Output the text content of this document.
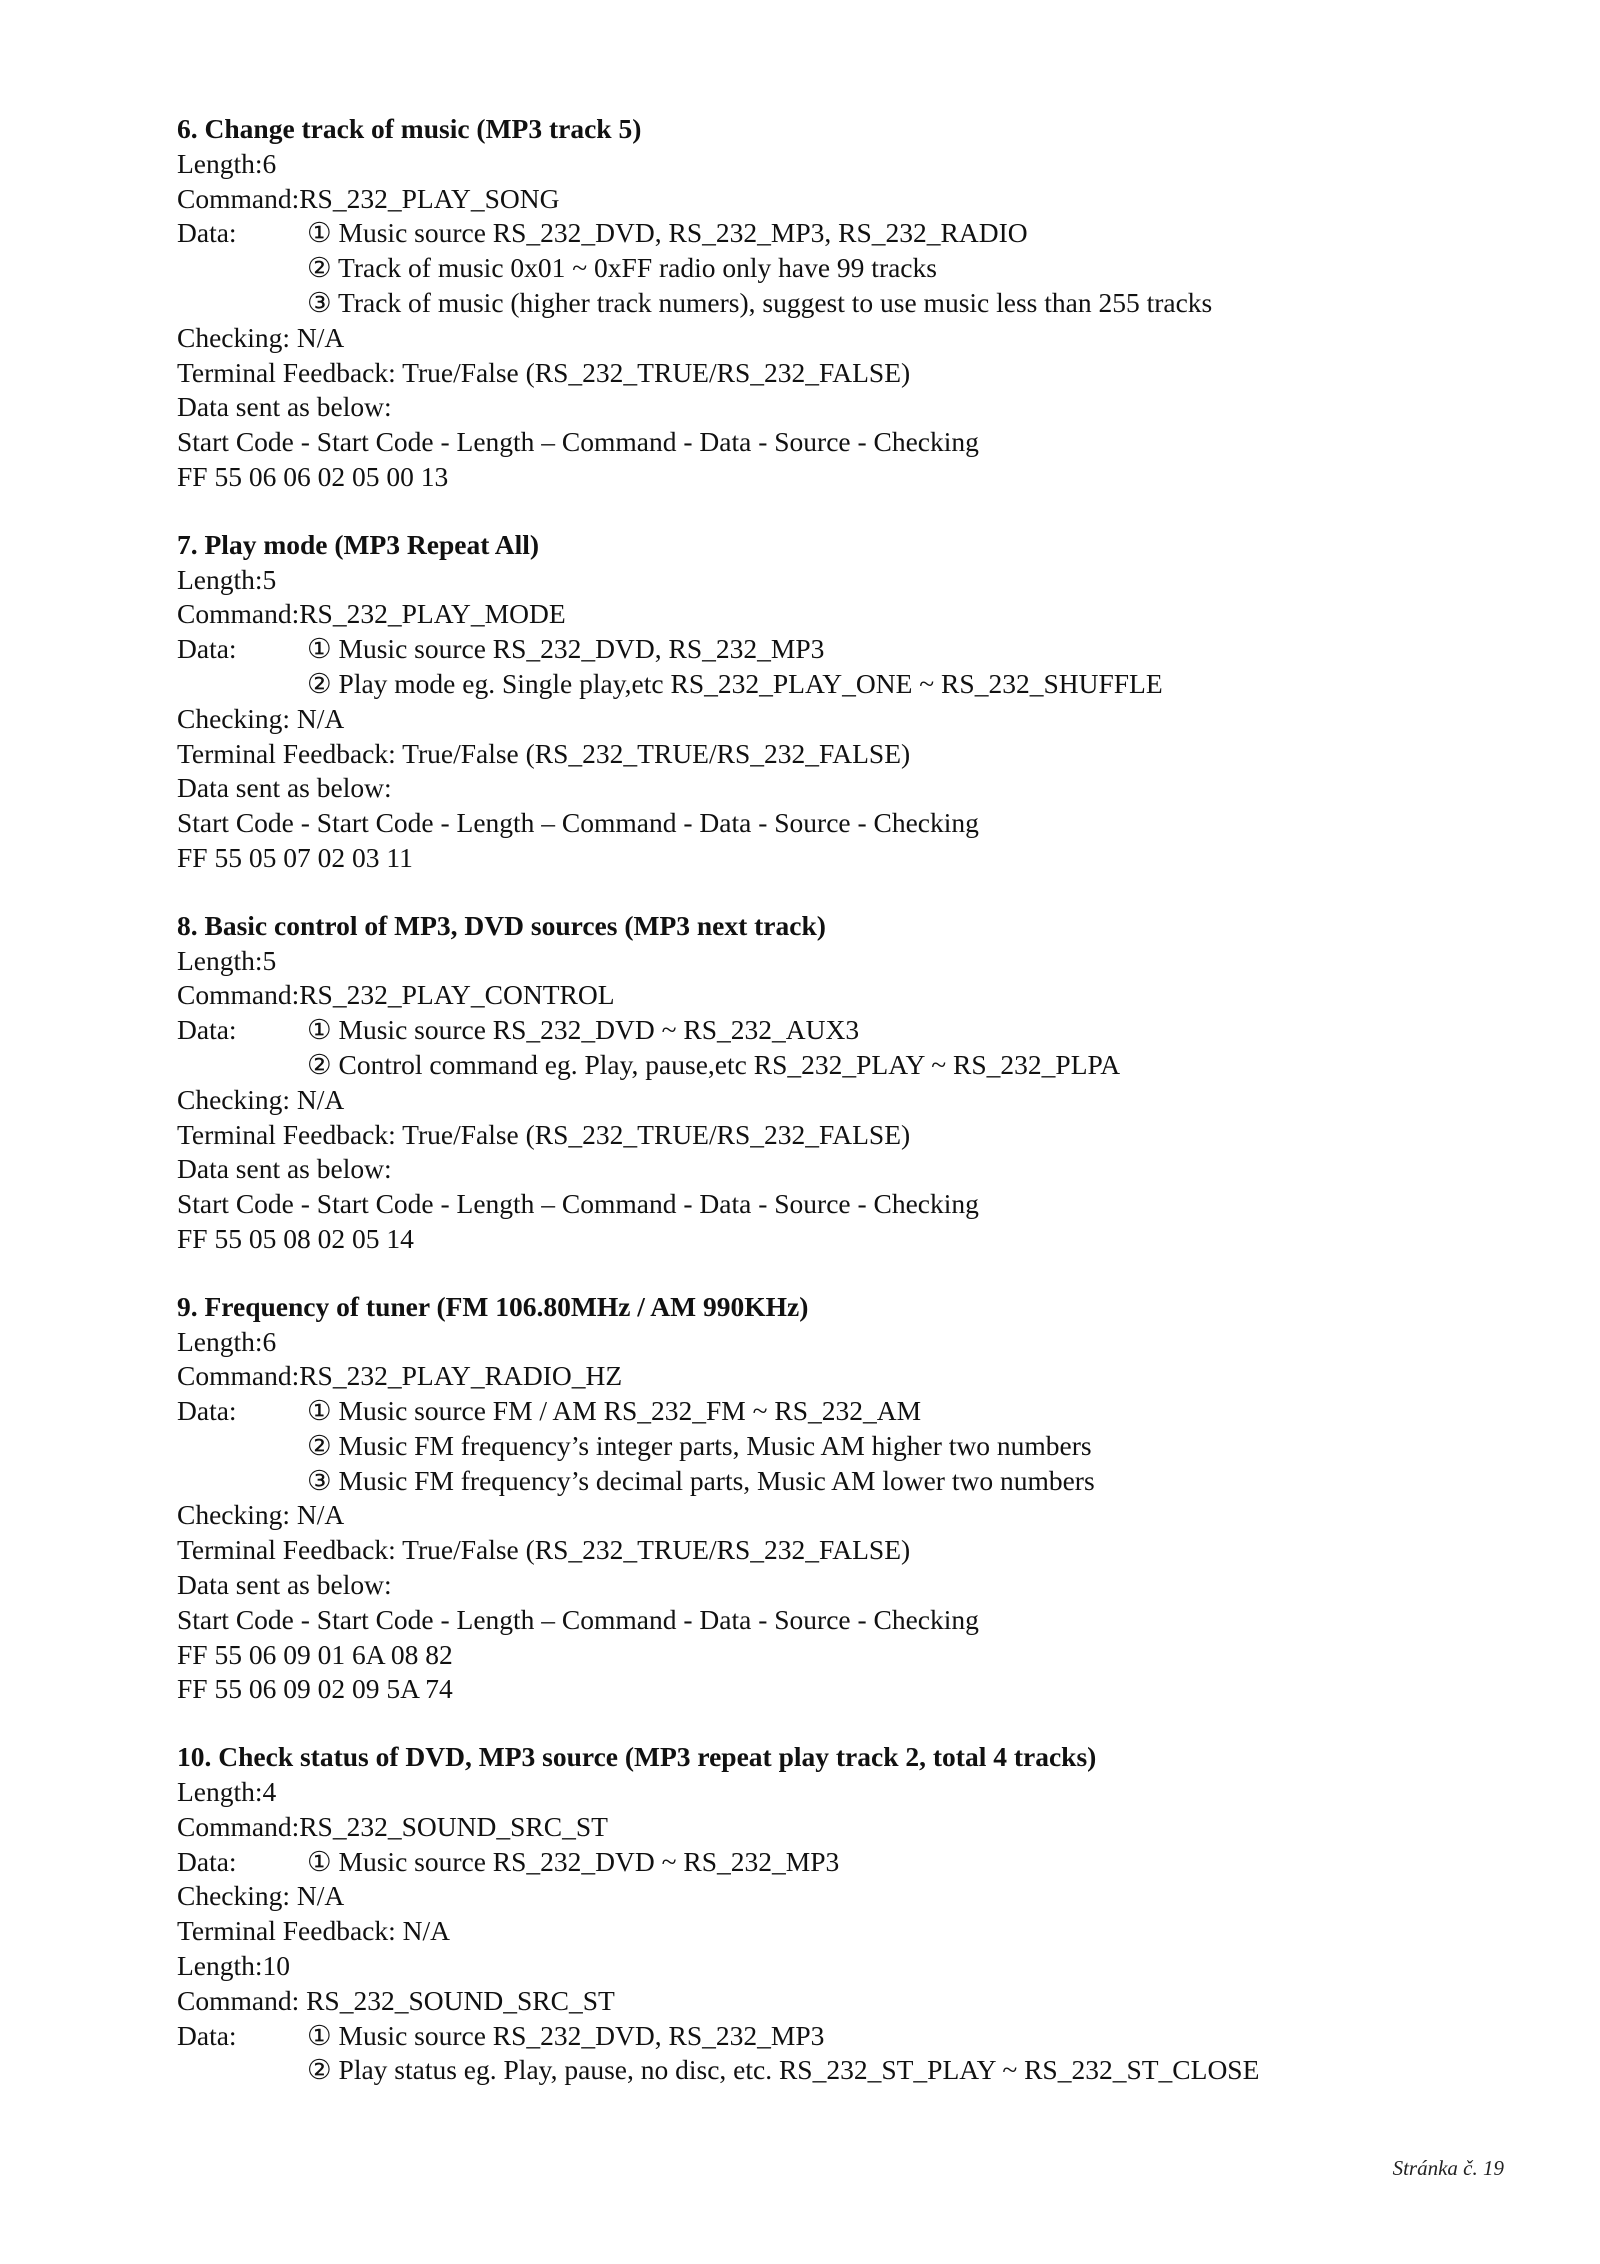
6. Change track of music (MP3 track 5)
Length:6
Command:RS_232_PLAY_SONG
Data:	① Music source RS_232_DVD, RS_232_MP3, RS_232_RADIO
② Track of music 0x01 ~ 0xFF radio only have 99 tracks
③ Track of music (higher track numers), suggest to use music less than 255 tracks
Checking: N/A
Terminal Feedback: True/False (RS_232_TRUE/RS_232_FALSE)
Data sent as below:
Start Code - Start Code - Length – Command - Data - Source - Checking
FF 55 06 06 02 05 00 13
7. Play mode (MP3 Repeat All)
Length:5
Command:RS_232_PLAY_MODE
Data:	① Music source RS_232_DVD, RS_232_MP3
② Play mode eg. Single play,etc RS_232_PLAY_ONE ~ RS_232_SHUFFLE
Checking: N/A
Terminal Feedback: True/False (RS_232_TRUE/RS_232_FALSE)
Data sent as below:
Start Code - Start Code - Length – Command - Data - Source - Checking
FF 55 05 07 02 03 11
8. Basic control of MP3, DVD sources (MP3 next track)
Length:5
Command:RS_232_PLAY_CONTROL
Data:	① Music source RS_232_DVD ~ RS_232_AUX3
② Control command eg. Play, pause,etc RS_232_PLAY ~ RS_232_PLPA
Checking: N/A
Terminal Feedback: True/False (RS_232_TRUE/RS_232_FALSE)
Data sent as below:
Start Code - Start Code - Length – Command - Data - Source - Checking
FF 55 05 08 02 05 14
9. Frequency of tuner (FM 106.80MHz / AM 990KHz)
Length:6
Command:RS_232_PLAY_RADIO_HZ
Data:	① Music source FM / AM RS_232_FM ~ RS_232_AM
② Music FM frequency’s integer parts, Music AM higher two numbers
③ Music FM frequency’s decimal parts, Music AM lower two numbers
Checking: N/A
Terminal Feedback: True/False (RS_232_TRUE/RS_232_FALSE)
Data sent as below:
Start Code - Start Code - Length – Command - Data - Source - Checking
FF 55 06 09 01 6A 08 82
FF 55 06 09 02 09 5A 74
10. Check status of DVD, MP3 source (MP3 repeat play track 2, total 4 tracks)
Length:4
Command:RS_232_SOUND_SRC_ST
Data:	① Music source RS_232_DVD ~ RS_232_MP3
Checking: N/A
Terminal Feedback: N/A
Length:10
Command: RS_232_SOUND_SRC_ST
Data:	① Music source RS_232_DVD, RS_232_MP3
② Play status eg. Play, pause, no disc, etc. RS_232_ST_PLAY ~ RS_232_ST_CLOSE
Stránka č. 19
